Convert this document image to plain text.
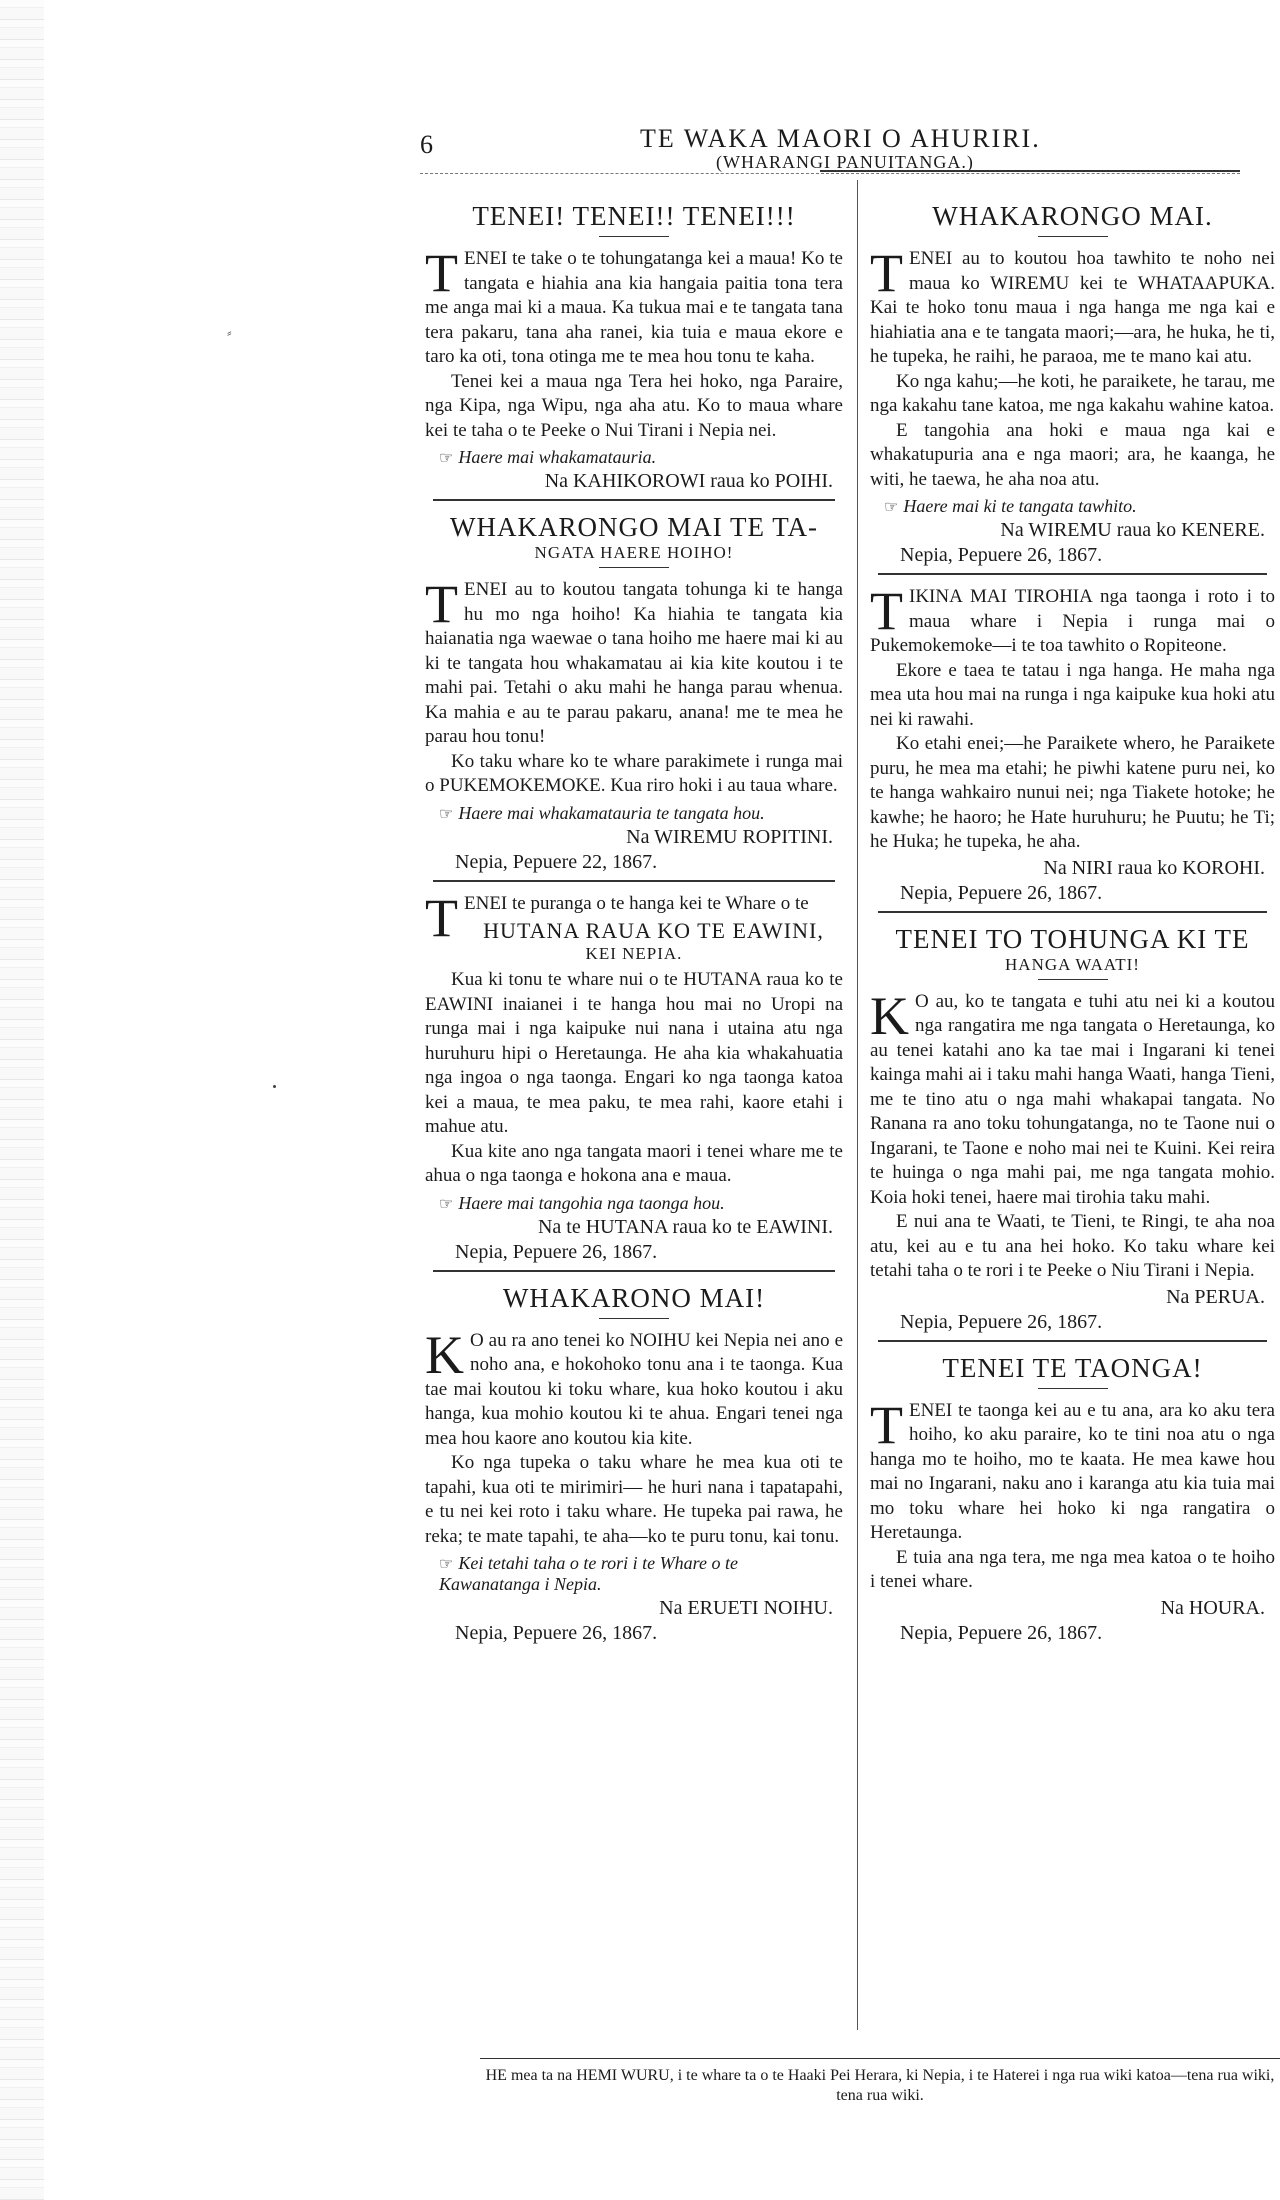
⸗
6	TE WAKA MAORI O AHURIRI.
(WHARANGI PANUITANGA.)
TENEI! TENEI!! TENEI!!!

TENEI te take o te tohungatanga kei a maua! Ko te tangata e hiahia ana kia hangaia paitia tona tera me anga mai ki a maua. Ka tukua mai e te tangata tana tera pakaru, tana aha ranei, kia tuia e maua ekore e taro ka oti, tona otinga me te mea hou tonu te kaha.

Tenei kei a maua nga Tera hei hoko, nga Paraire, nga Kipa, nga Wipu, nga aha atu. Ko to maua whare kei te taha o te Peeke o Nui Tirani i Nepia nei.

☞ Haere mai whakamatauria.
Na KAHIKOROWI raua ko POIHI.
WHAKARONGO MAI TE TA-
NGATA HAERE HOIHO!

TENEI au to koutou tangata tohunga ki te hanga hu mo nga hoiho! Ka hiahia te tangata kia haianatia nga waewae o tana hoiho me haere mai ki au ki te tangata hou whakamatau ai kia kite koutou i te mahi pai. Tetahi o aku mahi he hanga parau whenua. Ka mahia e au te parau pakaru, anana! me te mea he parau hou tonu!

Ko taku whare ko te whare parakimete i runga mai o PUKEMOKEMOKE. Kua riro hoki i au taua whare.

☞ Haere mai whakamatauria te tangata hou.
Na WIREMU ROPITINI.
Nepia, Pepuere 22, 1867.

TENEI te puranga o te hanga kei te Whare o te

HUTANA RAUA KO TE EAWINI,
KEI NEPIA.

Kua ki tonu te whare nui o te HUTANA raua ko te EAWINI inaianei i te hanga hou mai no Uropi na runga mai i nga kaipuke nui nana i utaina atu nga huruhuru hipi o Heretaunga. He aha kia whakahuatia nga ingoa o nga taonga. Engari ko nga taonga katoa kei a maua, te mea paku, te mea rahi, kaore etahi i mahue atu.

Kua kite ano nga tangata maori i tenei whare me te ahua o nga taonga e hokona ana e maua.

☞ Haere mai tangohia nga taonga hou.
Na te HUTANA raua ko te EAWINI.
Nepia, Pepuere 26, 1867.
WHAKARONO MAI!

K O au ra ano tenei ko NOIHU kei Nepia nei ano e noho ana, e hokohoko tonu ana i te taonga. Kua tae mai koutou ki toku whare, kua hoko koutou i aku hanga, kua mohio koutou ki te ahua. Engari tenei nga mea hou kaore ano koutou kia kite.

Ko nga tupeka o taku whare he mea kua oti te tapahi, kua oti te mirimiri— he huri nana i tapatapahi, e tu nei kei roto i taku whare. He tupeka pai rawa, he reka; te mate tapahi, te aha—ko te puru tonu, kai tonu.

☞ Kei tetahi taha o te rori i te Whare o te Kawanatanga i Nepia.
Na ERUETI NOIHU.
Nepia, Pepuere 26, 1867.
WHAKARONGO MAI.

TENEI au to koutou hoa tawhito te noho nei maua ko WIREMU kei te WHATAAPUKA. Kai te hoko tonu maua i nga hanga me nga kai e hiahiatia ana e te tangata maori;—ara, he huka, he ti, he tupeka, he raihi, he paraoa, me te mano kai atu.

Ko nga kahu;—he koti, he paraikete, he tarau, me nga kakahu tane katoa, me nga kakahu wahine katoa.

E tangohia ana hoki e maua nga kai e whakatupuria ana e nga maori; ara, he kaanga, he witi, he taewa, he aha noa atu.

☞ Haere mai ki te tangata tawhito.
Na WIREMU raua ko KENERE.
Nepia, Pepuere 26, 1867.

TIKINA MAI TIROHIA nga taonga i roto i to maua whare i Nepia i runga mai o Pukemokemoke—i te toa tawhito o Ropiteone.

Ekore e taea te tatau i nga hanga. He maha nga mea uta hou mai na runga i nga kaipuke kua hoki atu nei ki rawahi.

Ko etahi enei;—he Paraikete whero, he Paraikete puru, he mea ma etahi; he piwhi katene puru nei, ko te hanga wahkairo nunui nei; nga Tiakete hotoke; he kawhe; he haoro; he Hate huruhuru; he Puutu; he Ti; he Huka; he tupeka, he aha.

Na NIRI raua ko KOROHI.
Nepia, Pepuere 26, 1867.
TENEI TO TOHUNGA KI TE
HANGA WAATI!

K O au, ko te tangata e tuhi atu nei ki a koutou nga rangatira me nga tangata o Heretaunga, ko au tenei katahi ano ka tae mai i Ingarani ki tenei kainga mahi ai i taku mahi hanga Waati, hanga Tieni, me te tino atu o nga mahi whakapai tangata. No Ranana ra ano toku tohungatanga, no te Taone nui o Ingarani, te Taone e noho mai nei te Kuini. Kei reira te huinga o nga mahi pai, me nga tangata mohio. Koia hoki tenei, haere mai tirohia taku mahi.

E nui ana te Waati, te Tieni, te Ringi, te aha noa atu, kei au e tu ana hei hoko. Ko taku whare kei tetahi taha o te rori i te Peeke o Niu Tirani i Nepia.

Na PERUA.
Nepia, Pepuere 26, 1867.
TENEI TE TAONGA!

TENEI te taonga kei au e tu ana, ara ko aku tera hoiho, ko aku paraire, ko te tini noa atu o nga hanga mo te hoiho, mo te kaata. He mea kawe hou mai no Ingarani, naku ano i karanga atu kia tuia mai mo toku whare hei hoko ki nga rangatira o Heretaunga.

E tuia ana nga tera, me nga mea katoa o te hoiho i tenei whare.

Na HOURA.
Nepia, Pepuere 26, 1867.
HE mea ta na HEMI WURU, i te whare ta o te Haaki Pei Herara, ki Nepia, i te Haterei i nga rua wiki katoa—tena rua wiki, tena rua wiki.
